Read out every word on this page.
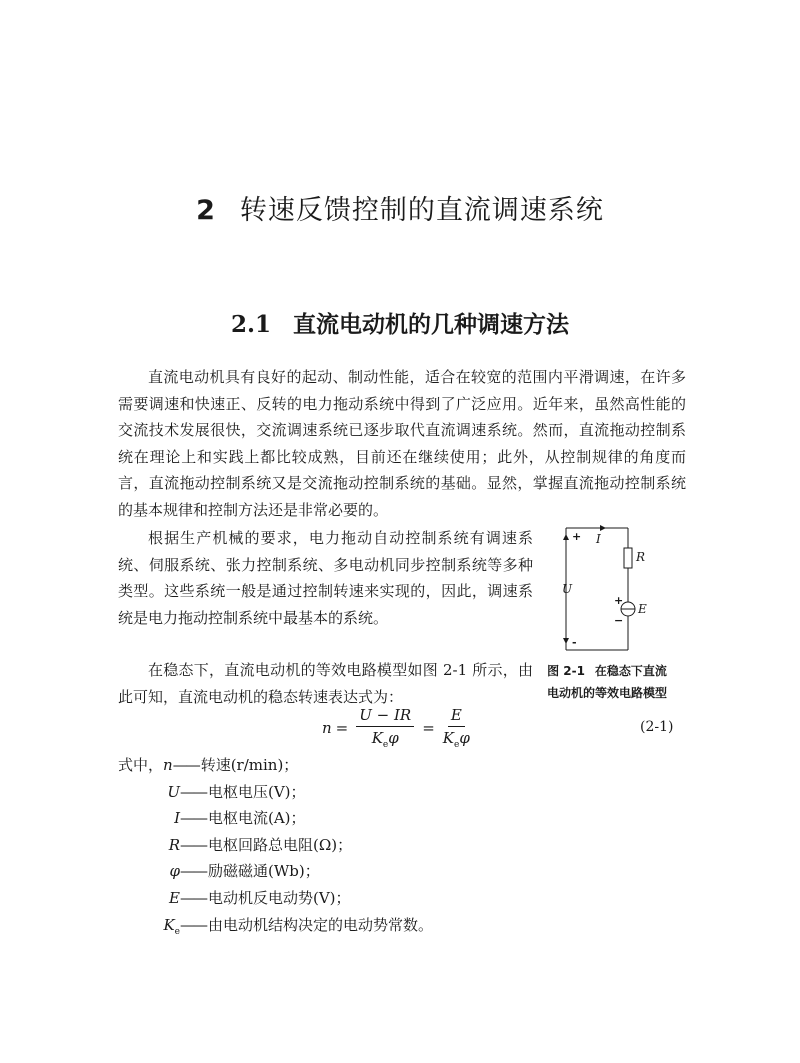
2 转速反馈控制的直流调速系统
2.1 直流电动机的几种调速方法

直流电动机具有良好的起动、制动性能，适合在较宽的范围内平滑调速，在许多需要调速和快速正、反转的电力拖动系统中得到了广泛应用。近年来，虽然高性能的交流技术发展很快，交流调速系统已逐步取代直流调速系统。然而，直流拖动控制系统在理论上和实践上都比较成熟，目前还在继续使用；此外，从控制规律的角度而言，直流拖动控制系统又是交流拖动控制系统的基础。显然，掌握直流拖动控制系统的基本规律和控制方法还是非常必要的。

根据生产机械的要求，电力拖动自动控制系统有调速系统、伺服系统、张力控制系统、多电动机同步控制系统等多种类型。这些系统一般是通过控制转速来实现的，因此，调速系统是电力拖动控制系统中最基本的系统。

在稳态下，直流电动机的等效电路模型如图 2-1 所示，由此可知，直流电动机的稳态转速表达式为：

+ I
R
U
+
−
E
-
图 2-1 在稳态下直流
电动机的等效电路模型
$n = \frac{U - IR}{K_e\varphi} = \frac{E}{K_e\varphi}$	(2-1)
式中， n —— 转速(r/min)；
U —— 电枢电压(V)；
I —— 电枢电流(A)；
R —— 电枢回路总电阻(Ω)；
φ —— 励磁磁通(Wb)；
E —— 电动机反电动势(V)；
$K_e$ —— 由电动机结构决定的电动势常数。
